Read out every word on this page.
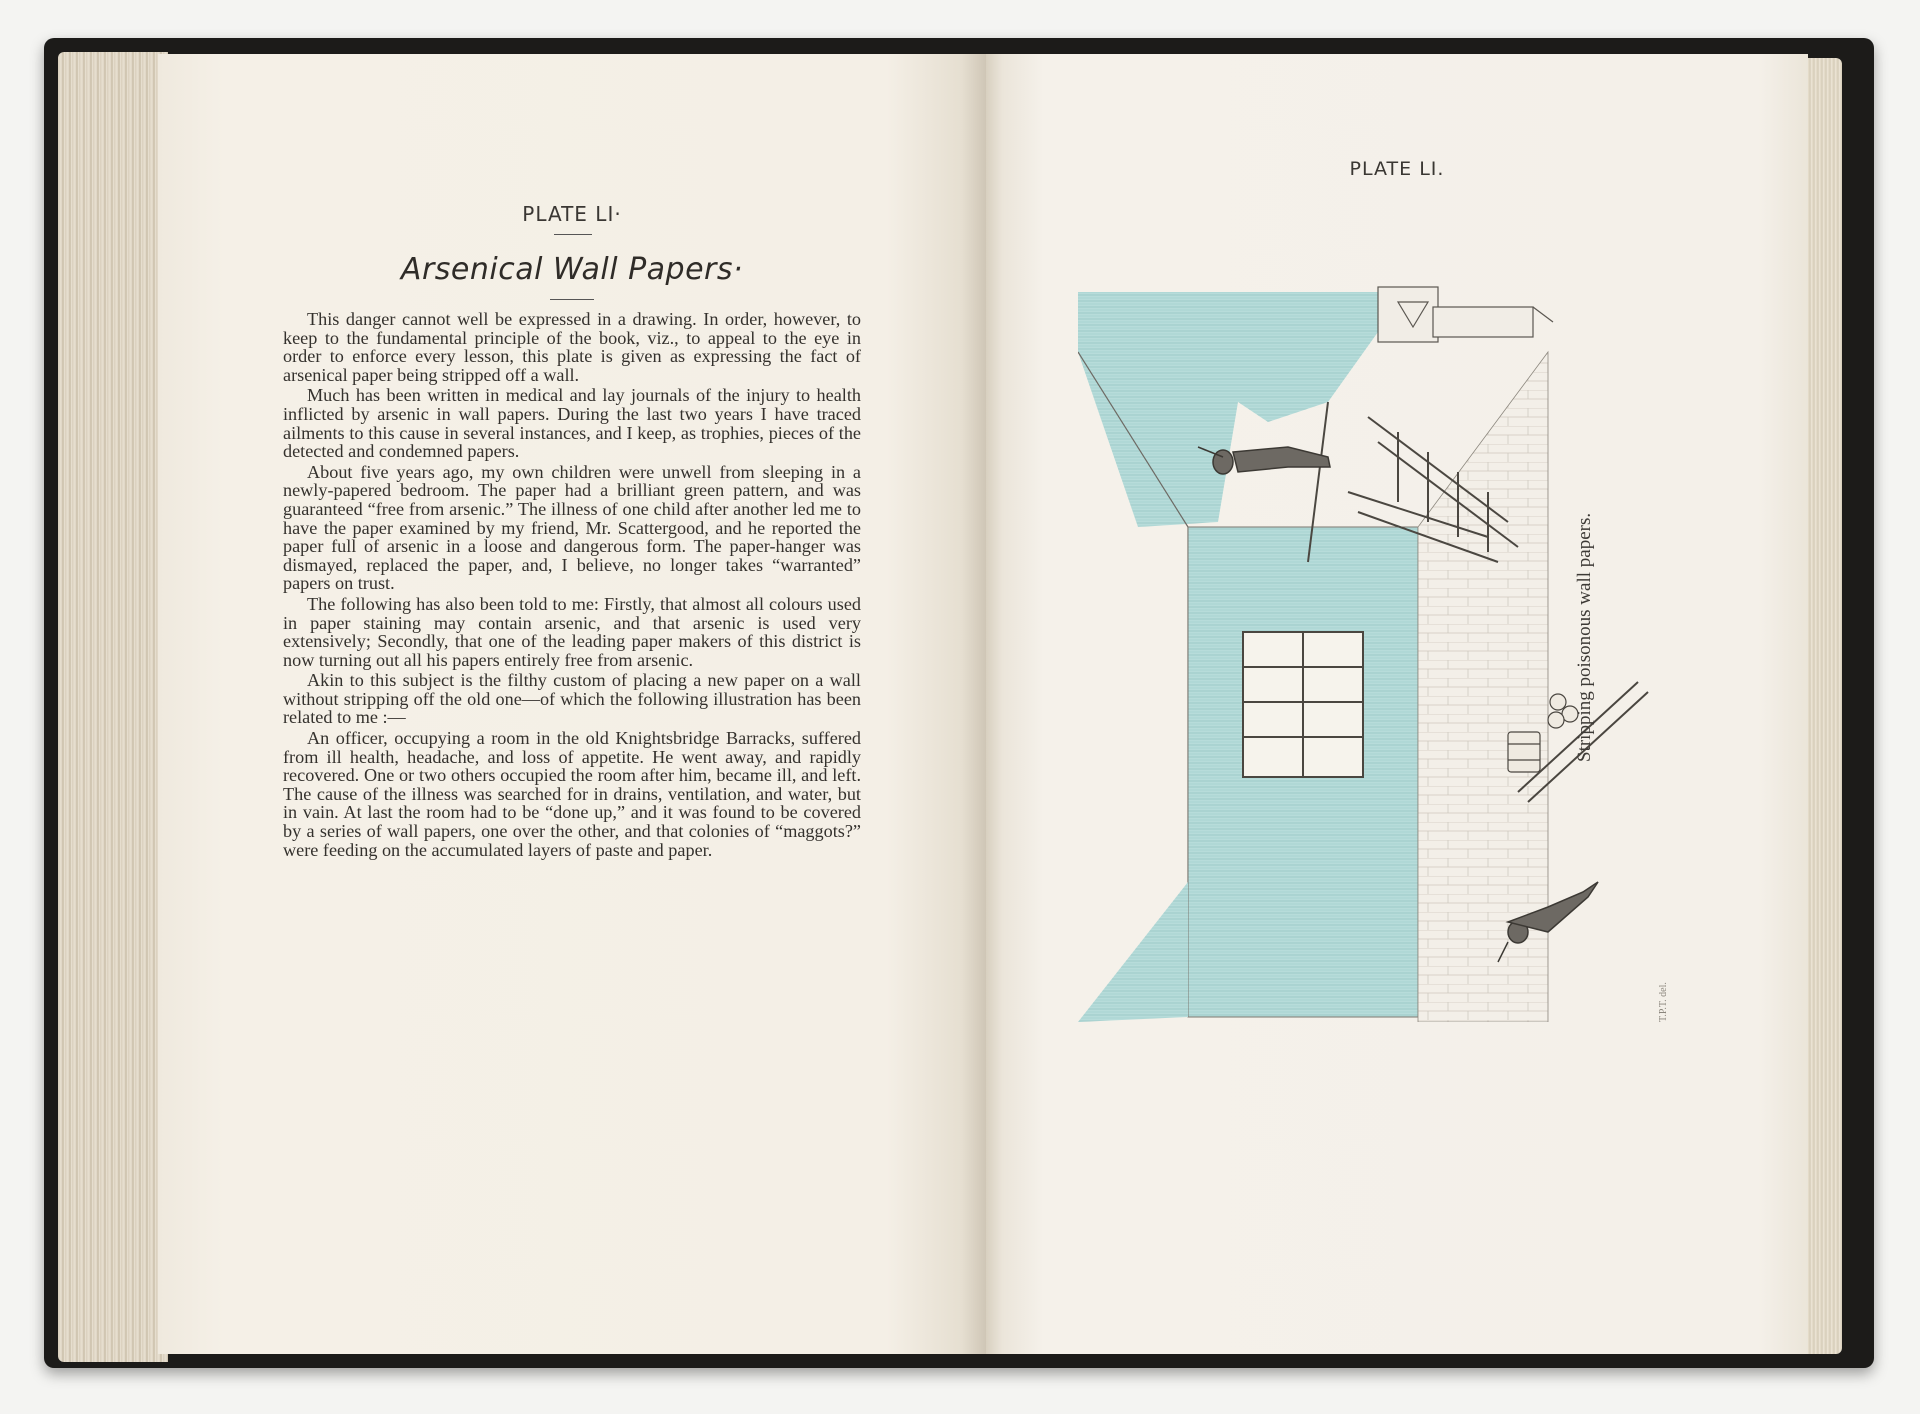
PLATE LI·
Arsenical Wall Papers·

This danger cannot well be expressed in a drawing. In order, however, to keep to the fundamental principle of the book, viz., to appeal to the eye in order to enforce every lesson, this plate is given as expressing the fact of arsenical paper being stripped off a wall.

Much has been written in medical and lay journals of the injury to health inflicted by arsenic in wall papers. During the last two years I have traced ailments to this cause in several instances, and I keep, as trophies, pieces of the detected and condemned papers.

About five years ago, my own children were unwell from sleeping in a newly-papered bedroom. The paper had a brilliant green pattern, and was guaranteed “free from arsenic.” The illness of one child after another led me to have the paper examined by my friend, Mr. Scattergood, and he reported the paper full of arsenic in a loose and dangerous form. The paper-hanger was dismayed, replaced the paper, and, I believe, no longer takes “warranted” papers on trust.

The following has also been told to me: Firstly, that almost all colours used in paper staining may contain arsenic, and that arsenic is used very extensively; Secondly, that one of the leading paper makers of this district is now turning out all his papers entirely free from arsenic.

Akin to this subject is the filthy custom of placing a new paper on a wall without stripping off the old one—of which the following illustration has been related to me :—

An officer, occupying a room in the old Knightsbridge Barracks, suffered from ill health, headache, and loss of appetite. He went away, and rapidly recovered. One or two others occupied the room after him, became ill, and left. The cause of the illness was searched for in drains, ventilation, and water, but in vain. At last the room had to be “done up,” and it was found to be covered by a series of wall papers, one over the other, and that colonies of “maggots?” were feeding on the accumulated layers of paste and paper.

PLATE LI.
Stripping poisonous wall papers.
T.P.T. del.
